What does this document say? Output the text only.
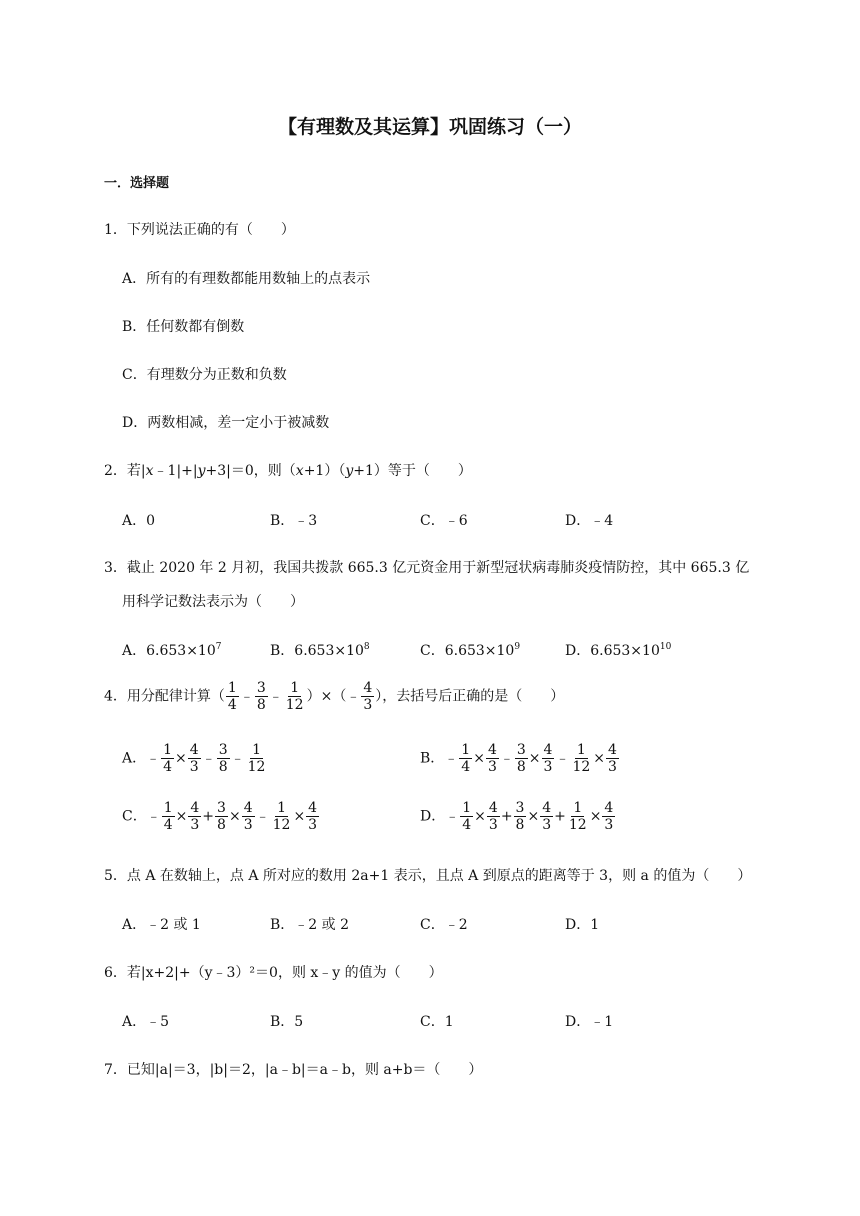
【有理数及其运算】巩固练习（一）
一．选择题
1．下列说法正确的有（　　）
A．所有的有理数都能用数轴上的点表示
B．任何数都有倒数
C．有理数分为正数和负数
D．两数相减，差一定小于被减数
2．若|x﹣1|+|y+3|＝0，则（x+1）（y+1）等于（　　）
A．0	B．﹣3	C．﹣6	D．﹣4
3．截止 2020 年 2 月初，我国共拨款 665.3 亿元资金用于新型冠状病毒肺炎疫情防控，其中 665.3 亿
用科学记数法表示为（　　）
A．$6.653\times 10^7$	B．$6.653\times 10^8$	C．$6.653\times 10^9$	D．$6.653\times 10^{10}$
4．用分配律计算（ $\frac{1}{4}$ ﹣ $\frac{3}{8}$ ﹣ $\frac{1}{12}$ ）×（﹣ $\frac{4}{3}$ ），去括号后正确的是（　　）
A．﹣ $\frac{1}{4} \times \frac{4}{3}$ ﹣ $\frac{3}{8}$ ﹣ $\frac{1}{12}$	B．﹣ $\frac{1}{4} \times \frac{4}{3}$ ﹣ $\frac{3}{8} \times \frac{4}{3}$ ﹣ $\frac{1}{12} \times \frac{4}{3}$
C．﹣ $\frac{1}{4} \times \frac{4}{3} + \frac{3}{8} \times \frac{4}{3}$ ﹣ $\frac{1}{12} \times \frac{4}{3}$	D．﹣ $\frac{1}{4} \times \frac{4}{3} + \frac{3}{8} \times \frac{4}{3} + \frac{1}{12} \times \frac{4}{3}$
5．点 A 在数轴上，点 A 所对应的数用 2a+1 表示，且点 A 到原点的距离等于 3，则 a 的值为（　　）
A．﹣2 或 1	B．﹣2 或 2	C．﹣2	D．1
6．若|x+2|+（y﹣3）²＝0，则 x﹣y 的值为（　　）
A．﹣5	B．5	C．1	D．﹣1
7．已知|a|＝3，|b|＝2，|a﹣b|＝a﹣b，则 a+b＝（　　）
